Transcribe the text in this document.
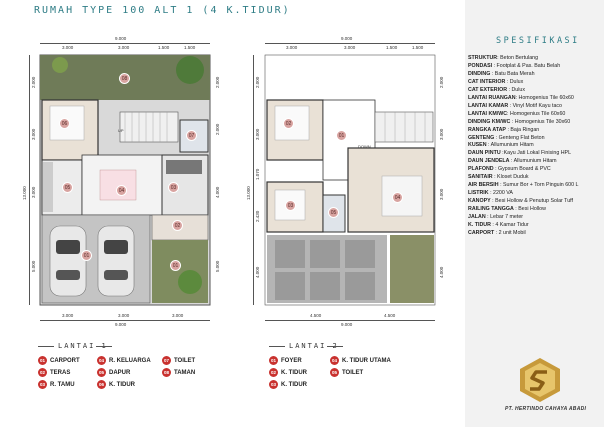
RUMAH TYPE 100 ALT 1 (4 K.TIDUR)
9.000
3.000	3.000	1.500	1.500
3.000	3.000	3.000
9.000
13.000
2.000
3.000
3.000
5.000
2.000
2.000
4.000
5.000
UP
08
06
07
05	04	03
02
01
01
9.000
3.000	3.000	1.500	1.500
4.500	4.500
9.000
13.000
2.000
3.000
1.070
2.430
4.000
2.000
3.000
3.000
4.000
DOWN
02
01
03
05
04
LANTAI 1
01 CARPORT
02 TERAS
03 R. TAMU
04 R. KELUARGA
05 DAPUR
06 K. TIDUR
07 TOILET
08 TAMAN
LANTAI 2
01 FOYER
02 K. TIDUR
03 K. TIDUR
04 K. TIDUR UTAMA
05 TOILET
SPESIFIKASI
STRUKTUR: Beton Bertulang
PONDASI : Footplat & Pas. Batu Belah
DINDING : Batu Bata Merah
CAT INTERIOR : Dulux
CAT EXTERIOR : Dulux
LANTAI RUANGAN: Homogenius Tile 60x60
LANTAI KAMAR : Vinyl Motif Kayu taco
LANTAI KM/WC: Homogenius Tile 60x60
DINDING KM/WC : Homogenius Tile 30x60
RANGKA ATAP : Baja Ringan
GENTENG : Genteng Flat Beton
KUSEN : Allumunium Hitam
DAUN PINTU :Kayu Jati Lokal Finising HPL
DAUN JENDELA : Allumunium Hitam
PLAFOND : Gypsum Board & PVC
SANITAIR : Kloset Duduk
AIR BERSIH : Sumur Bor + Torn Pinguin 600 L
LISTRIK : 2200 VA
KANOPY : Besi Hollow & Penutup Solar Tuff
RAILING TANGGA : Besi Hollow
JALAN : Lebar 7 meter
K. TIDUR : 4 Kamar Tidur
CARPORT : 2 unit Mobil
PT. HERTINDO CAHAYA ABADI
